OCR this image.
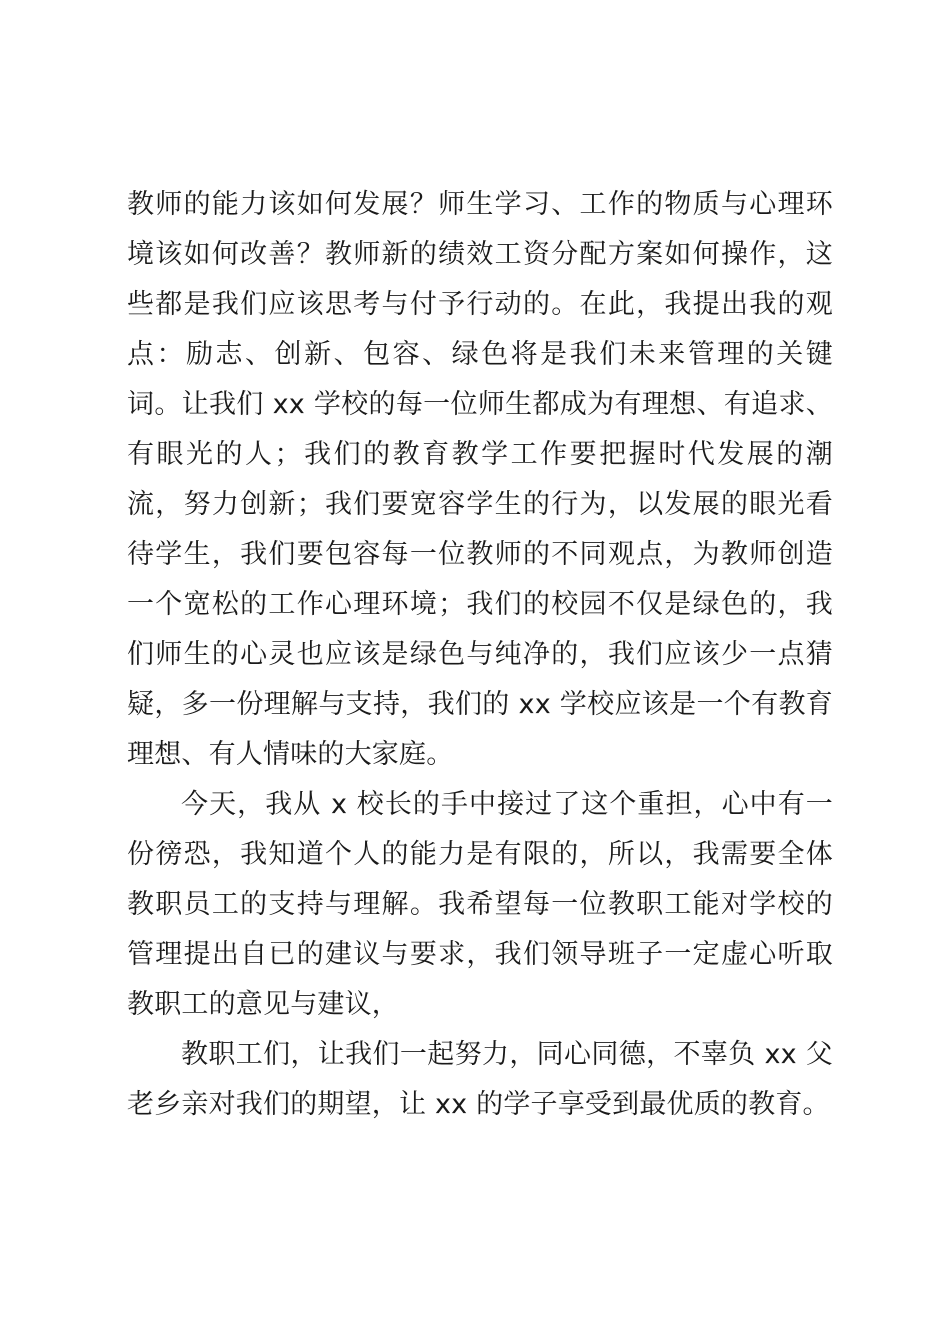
教师的能力该如何发展？师生学习、工作的物质与心理环境该如何改善？教师新的绩效工资分配方案如何操作，这些都是我们应该思考与付予行动的。在此，我提出我的观点：励志、创新、包容、绿色将是我们未来管理的关键词。让我们 xx 学校的每一位师生都成为有理想、有追求、有眼光的人；我们的教育教学工作要把握时代发展的潮流，努力创新；我们要宽容学生的行为，以发展的眼光看待学生，我们要包容每一位教师的不同观点，为教师创造一个宽松的工作心理环境；我们的校园不仅是绿色的，我们师生的心灵也应该是绿色与纯净的，我们应该少一点猜疑，多一份理解与支持，我们的 xx 学校应该是一个有教育理想、有人情味的大家庭。

今天，我从 x 校长的手中接过了这个重担，心中有一份徬恐，我知道个人的能力是有限的，所以，我需要全体教职员工的支持与理解。我希望每一位教职工能对学校的管理提出自已的建议与要求，我们领导班子一定虚心听取教职工的意见与建议，

教职工们，让我们一起努力，同心同德，不辜负 xx 父老乡亲对我们的期望，让 xx 的学子享受到最优质的教育。
